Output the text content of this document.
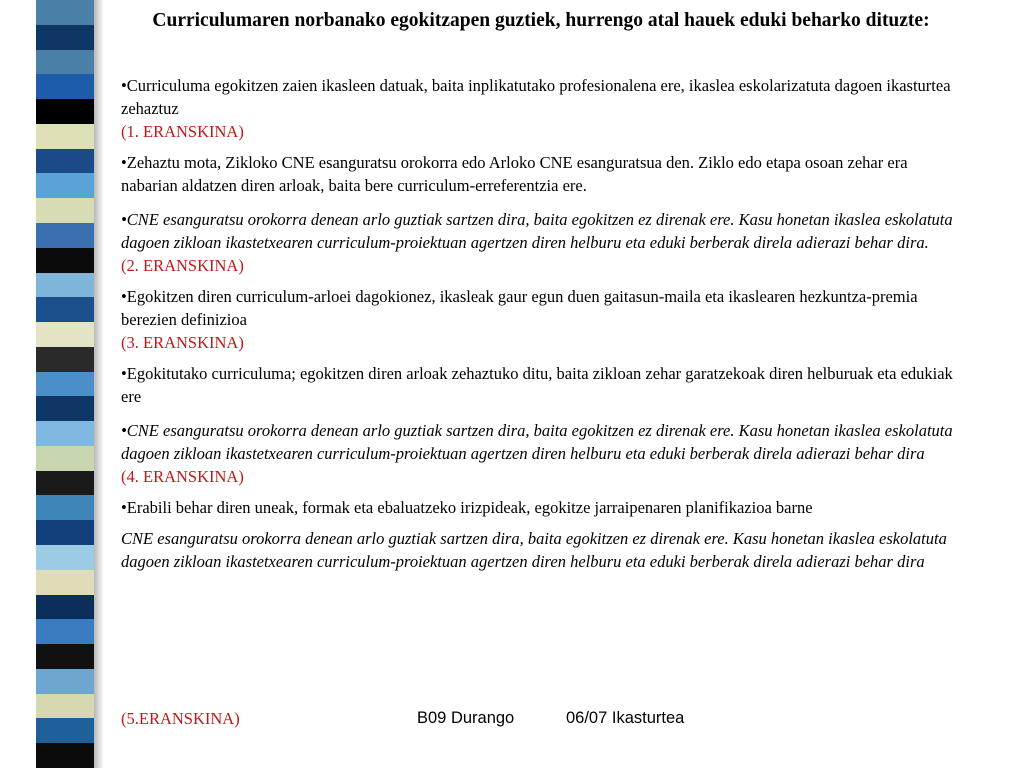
Curriculumaren norbanako egokitzapen guztiek, hurrengo atal hauek eduki beharko dituzte:

•Curriculuma egokitzen zaien ikasleen datuak, baita inplikatutako profesionalena ere, ikaslea eskolarizatuta dagoen ikasturtea zehaztuz
(1. ERANSKINA)

•Zehaztu mota, Zikloko CNE esanguratsu orokorra edo Arloko CNE esanguratsua den. Ziklo edo etapa osoan zehar era nabarian aldatzen diren arloak, baita bere curriculum-erreferentzia ere.

•CNE esanguratsu orokorra denean arlo guztiak sartzen dira, baita egokitzen ez direnak ere. Kasu honetan ikaslea eskolatuta dagoen zikloan ikastetxearen curriculum-proiektuan agertzen diren helburu eta eduki berberak direla adierazi behar dira.
(2. ERANSKINA)

•Egokitzen diren curriculum-arloei dagokionez, ikasleak gaur egun duen gaitasun-maila eta ikaslearen hezkuntza-premia berezien definizioa
(3. ERANSKINA)

•Egokitutako curriculuma; egokitzen diren arloak zehaztuko ditu, baita zikloan zehar garatzekoak diren helburuak eta edukiak ere

•CNE esanguratsu orokorra denean arlo guztiak sartzen dira, baita egokitzen ez direnak ere. Kasu honetan ikaslea eskolatuta dagoen zikloan ikastetxearen curriculum-proiektuan agertzen diren helburu eta eduki berberak direla adierazi behar dira
(4. ERANSKINA)

•Erabili behar diren uneak, formak eta ebaluatzeko irizpideak, egokitze jarraipenaren planifikazioa barne

CNE esanguratsu orokorra denean arlo guztiak sartzen dira, baita egokitzen ez direnak ere. Kasu honetan ikaslea eskolatuta dagoen zikloan ikastetxearen curriculum-proiektuan agertzen diren helburu eta eduki berberak direla adierazi behar dira

(5.ERANSKINA)	B09 Durango	06/07 Ikasturtea
